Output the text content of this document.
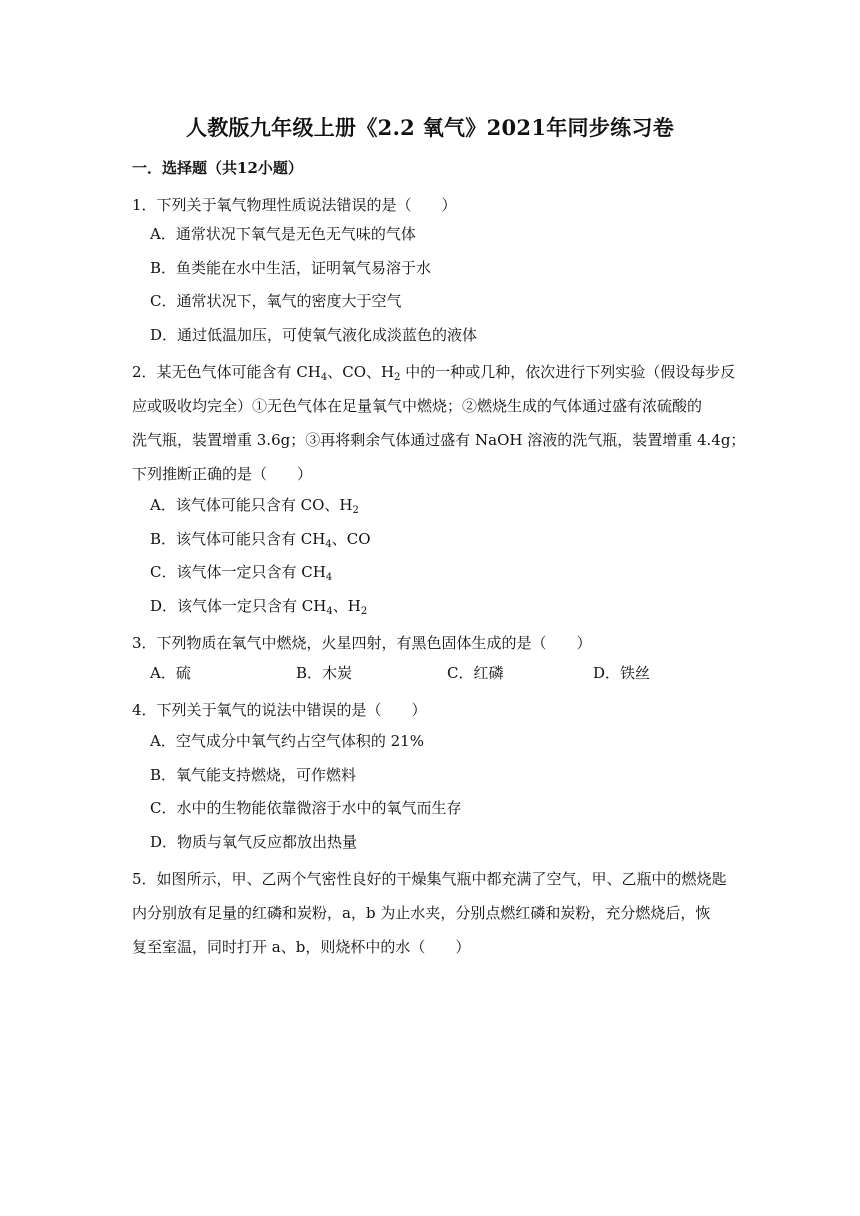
人教版九年级上册《2.2 氧气》2021年同步练习卷
一．选择题（共12小题）
1．下列关于氧气物理性质说法错误的是（　　）
A．通常状况下氧气是无色无气味的气体
B．鱼类能在水中生活，证明氧气易溶于水
C．通常状况下，氧气的密度大于空气
D．通过低温加压，可使氧气液化成淡蓝色的液体
2．某无色气体可能含有 $CH_4$、CO、$H_2$ 中的一种或几种，依次进行下列实验（假设每步反
应或吸收均完全）①无色气体在足量氧气中燃烧；②燃烧生成的气体通过盛有浓硫酸的
洗气瓶，装置增重 3.6g；③再将剩余气体通过盛有 NaOH 溶液的洗气瓶，装置增重 4.4g；
下列推断正确的是（　　）
A．该气体可能只含有 CO、$H_2$
B．该气体可能只含有 $CH_4$、CO
C．该气体一定只含有 $CH_4$
D．该气体一定只含有 $CH_4$、$H_2$
3．下列物质在氧气中燃烧，火星四射，有黑色固体生成的是（　　）
A．硫	B．木炭	C．红磷	D．铁丝
4．下列关于氧气的说法中错误的是（　　）
A．空气成分中氧气约占空气体积的 21%
B．氧气能支持燃烧，可作燃料
C．水中的生物能依靠微溶于水中的氧气而生存
D．物质与氧气反应都放出热量
5．如图所示，甲、乙两个气密性良好的干燥集气瓶中都充满了空气，甲、乙瓶中的燃烧匙
内分别放有足量的红磷和炭粉，a，b 为止水夹，分别点燃红磷和炭粉，充分燃烧后，恢
复至室温，同时打开 a、b，则烧杯中的水（　　）
